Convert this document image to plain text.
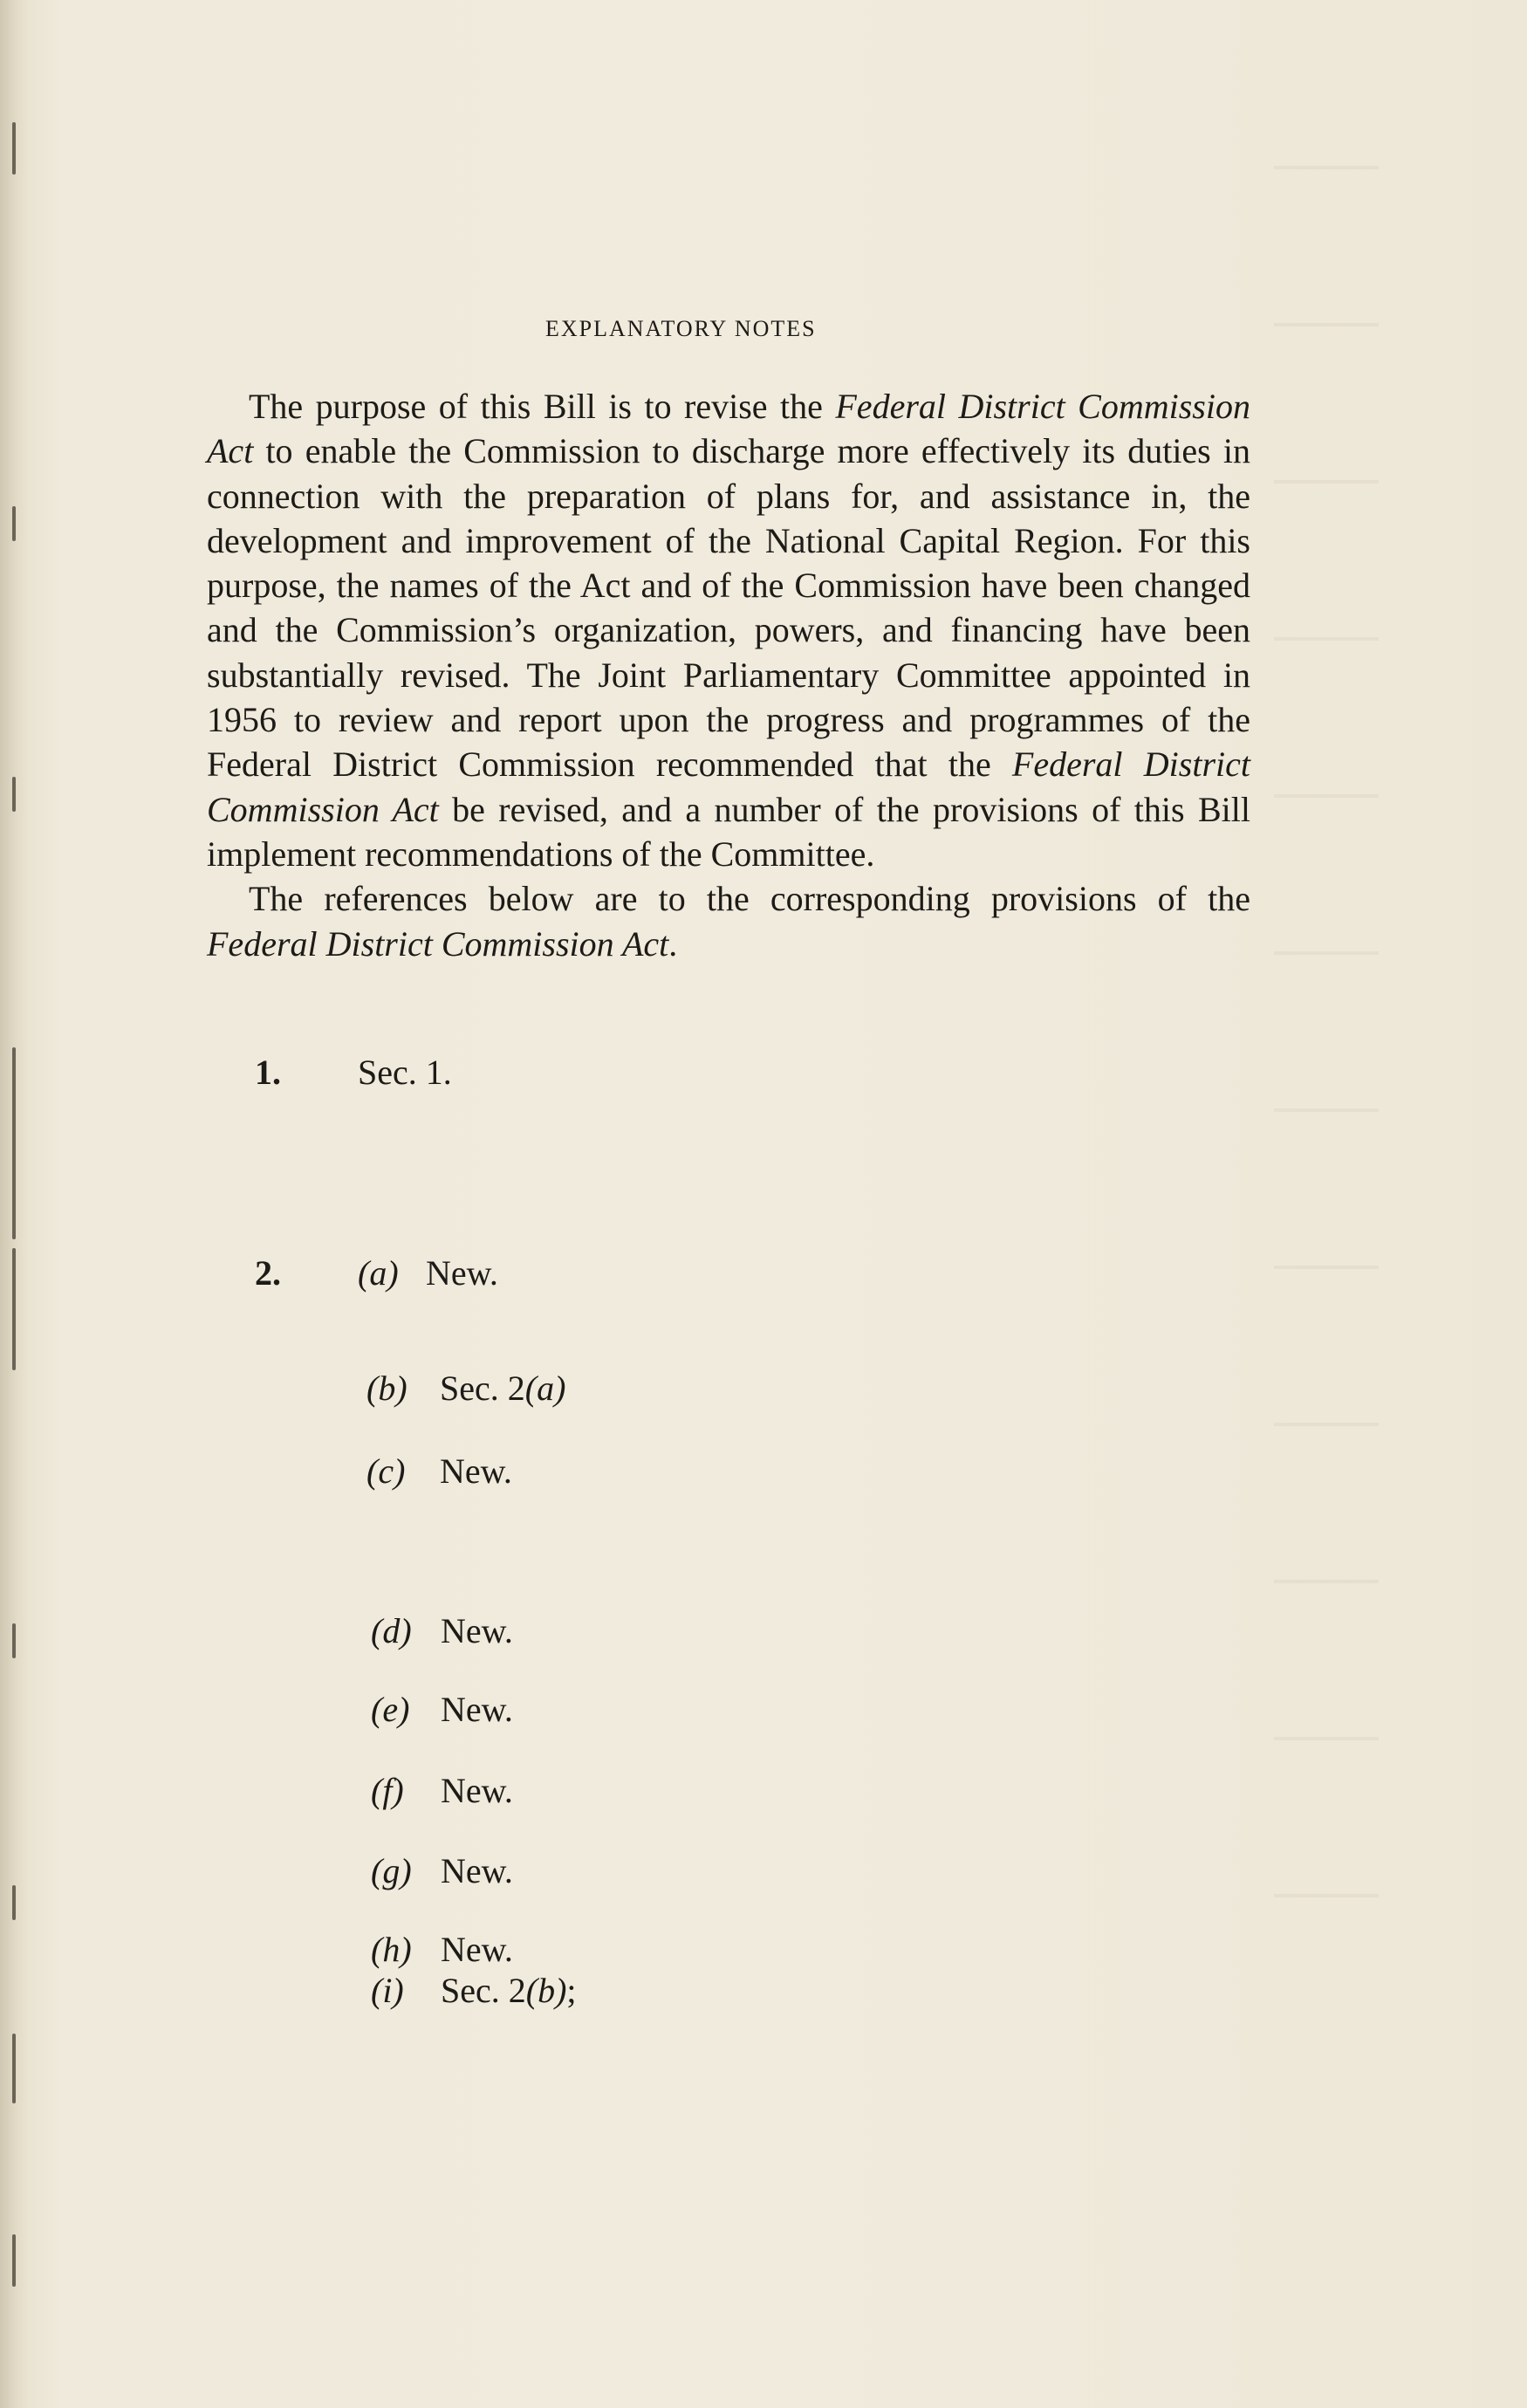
EXPLANATORY NOTES

The purpose of this Bill is to revise the Federal District Commission Act to enable the Commission to discharge more effectively its duties in connection with the preparation of plans for, and assistance in, the development and improvement of the National Capital Region. For this purpose, the names of the Act and of the Commission have been changed and the Commission’s organization, powers, and financing have been substantially revised. The Joint Parliamentary Committee appointed in 1956 to review and report upon the progress and programmes of the Federal District Commission recommended that the Federal District Commission Act be revised, and a number of the provisions of this Bill implement recommendations of the Committee.

The references below are to the corresponding provisions of the Federal District Commission Act.

1. Sec. 1.
2. (a) New.
(b) Sec. 2(a)
(c) New.
(d) New.
(e) New.
(f) New.
(g) New.
(h) New.
(i) Sec. 2(b);
